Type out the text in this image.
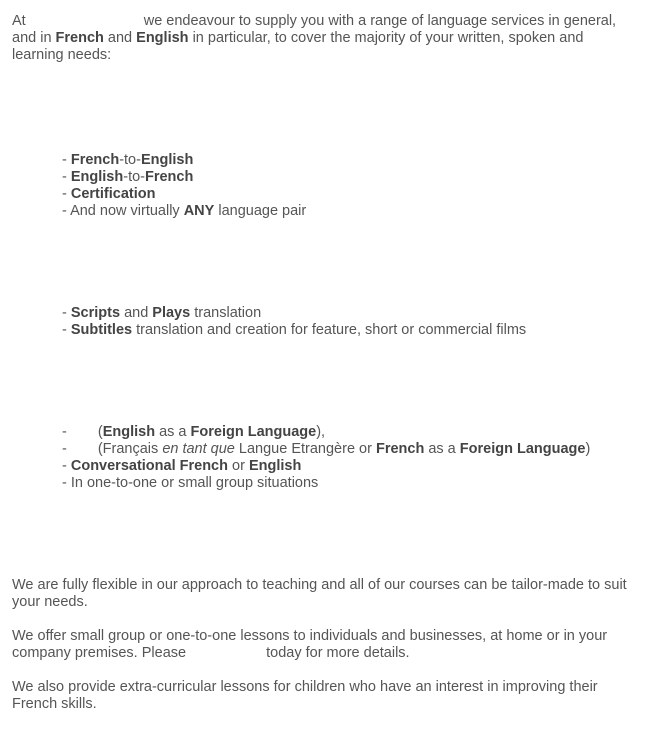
At	we endeavour to supply you with a range of language services in general, and in French and English in particular, to cover the majority of your written, spoken and learning needs:

- French-to-English
- English-to-French
- Certification
- And now virtually ANY language pair
- Scripts and Plays translation
- Subtitles translation and creation for feature, short or commercial films
- (English as a Foreign Language),
- (Français en tant que Langue Etrangère or French as a Foreign Language)
- Conversational French or English
- In one-to-one or small group situations

We are fully flexible in our approach to teaching and all of our courses can be tailor-made to suit your needs.

We offer small group or one-to-one lessons to individuals and businesses, at home or in your company premises. Please	today for more details.

We also provide extra-curricular lessons for children who have an interest in improving their French skills.
